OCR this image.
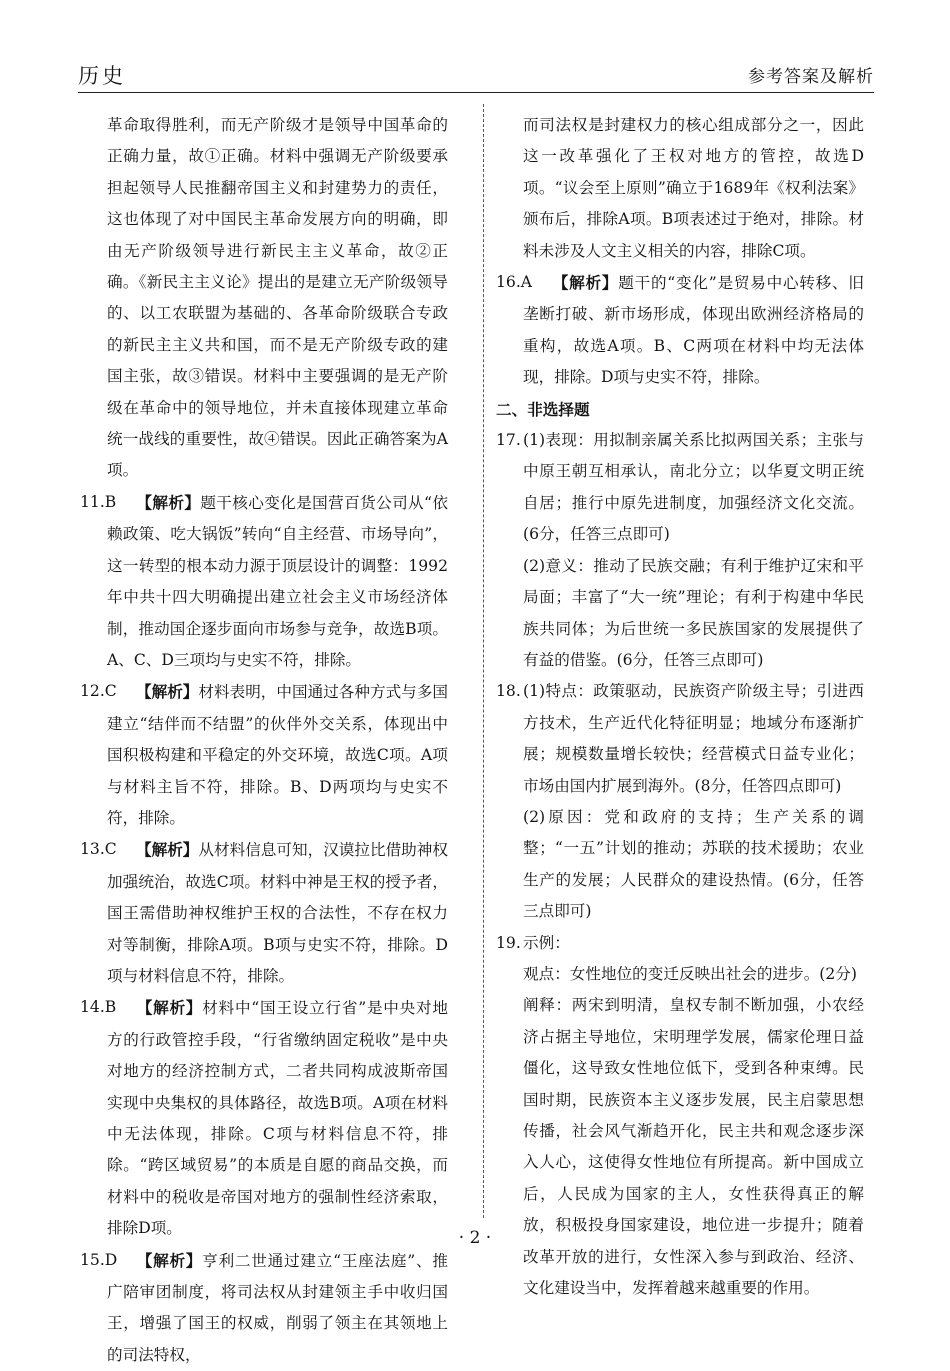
历史	参考答案及解析

革命取得胜利，而无产阶级才是领导中国革命的正确力量，故①正确。材料中强调无产阶级要承担起领导人民推翻帝国主义和封建势力的责任，这也体现了对中国民主革命发展方向的明确，即由无产阶级领导进行新民主主义革命，故②正确。《新民主主义论》提出的是建立无产阶级领导的、以工农联盟为基础的、各革命阶级联合专政的新民主主义共和国，而不是无产阶级专政的建国主张，故③错误。材料中主要强调的是无产阶级在革命中的领导地位，并未直接体现建立革命统一战线的重要性，故④错误。因此正确答案为A项。

11.B 【解析】题干核心变化是国营百货公司从“依赖政策、吃大锅饭”转向“自主经营、市场导向”，这一转型的根本动力源于顶层设计的调整：1992年中共十四大明确提出建立社会主义市场经济体制，推动国企逐步面向市场参与竞争，故选B项。A、C、D三项均与史实不符，排除。

12.C 【解析】材料表明，中国通过各种方式与多国建立“结伴而不结盟”的伙伴外交关系，体现出中国积极构建和平稳定的外交环境，故选C项。A项与材料主旨不符，排除。B、D两项均与史实不符，排除。

13.C 【解析】从材料信息可知，汉谟拉比借助神权加强统治，故选C项。材料中神是王权的授予者，国王需借助神权维护王权的合法性，不存在权力对等制衡，排除A项。B项与史实不符，排除。D项与材料信息不符，排除。

14.B 【解析】材料中“国王设立行省”是中央对地方的行政管控手段，“行省缴纳固定税收”是中央对地方的经济控制方式，二者共同构成波斯帝国实现中央集权的具体路径，故选B项。A项在材料中无法体现，排除。C项与材料信息不符，排除。“跨区域贸易”的本质是自愿的商品交换，而材料中的税收是帝国对地方的强制性经济索取，排除D项。

15.D 【解析】亨利二世通过建立“王座法庭”、推广陪审团制度，将司法权从封建领主手中收归国王，增强了国王的权威，削弱了领主在其领地上的司法特权，

而司法权是封建权力的核心组成部分之一，因此这一改革强化了王权对地方的管控，故选D项。“议会至上原则”确立于1689年《权利法案》颁布后，排除A项。B项表述过于绝对，排除。材料未涉及人文主义相关的内容，排除C项。

16.A 【解析】题干的“变化”是贸易中心转移、旧垄断打破、新市场形成，体现出欧洲经济格局的重构，故选A项。B、C两项在材料中均无法体现，排除。D项与史实不符，排除。

二、非选择题

17. (1)表现：用拟制亲属关系比拟两国关系；主张与中原王朝互相承认，南北分立；以华夏文明正统自居；推行中原先进制度，加强经济文化交流。(6分，任答三点即可)

(2)意义：推动了民族交融；有利于维护辽宋和平局面；丰富了“大一统”理论；有利于构建中华民族共同体；为后世统一多民族国家的发展提供了有益的借鉴。(6分，任答三点即可)

18. (1)特点：政策驱动，民族资产阶级主导；引进西方技术，生产近代化特征明显；地域分布逐渐扩展；规模数量增长较快；经营模式日益专业化；市场由国内扩展到海外。(8分，任答四点即可)

(2)原因：党和政府的支持；生产关系的调整；“一五”计划的推动；苏联的技术援助；农业生产的发展；人民群众的建设热情。(6分，任答三点即可)

19. 示例：

观点：女性地位的变迁反映出社会的进步。(2分)

阐释：两宋到明清，皇权专制不断加强，小农经济占据主导地位，宋明理学发展，儒家伦理日益僵化，这导致女性地位低下，受到各种束缚。民国时期，民族资本主义逐步发展，民主启蒙思想传播，社会风气渐趋开化，民主共和观念逐步深入人心，这使得女性地位有所提高。新中国成立后，人民成为国家的主人，女性获得真正的解放，积极投身国家建设，地位进一步提升；随着改革开放的进行，女性深入参与到政治、经济、文化建设当中，发挥着越来越重要的作用。

· 2 ·
